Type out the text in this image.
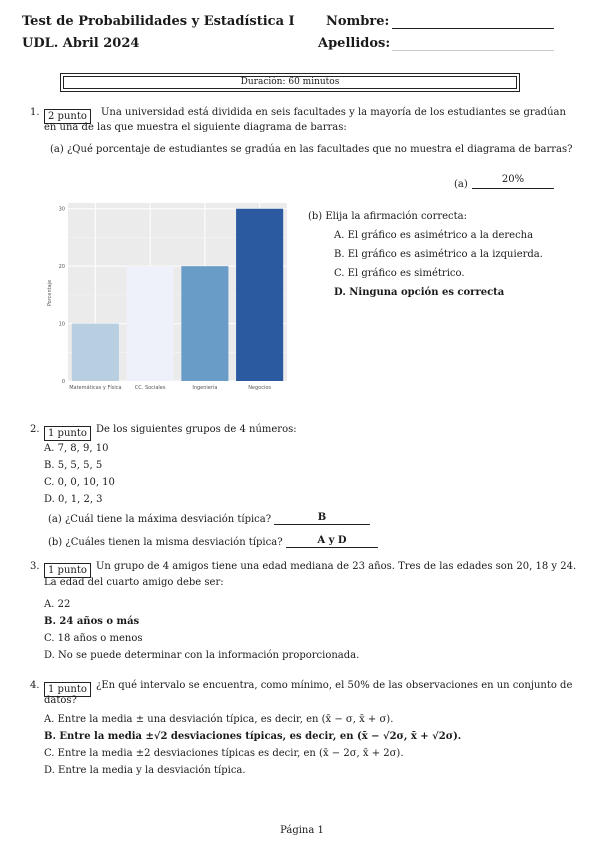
Test de Probabilidades y Estadística I
UDL. Abril 2024
Nombre:
Apellidos:
Duración: 60 minutos
1. 2 punto	Una universidad está dividida en seis facultades y la mayoría de los estudiantes se gradúan
en una de las que muestra el siguiente diagrama de barras:
(a) ¿Qué porcentaje de estudiantes se gradúa en las facultades que no muestra el diagrama de barras?
(a)	20%
0
10
20
30
Matemáticas y Física	CC. Sociales	Ingeniería	Negocios
Porcentaje
(b) Elija la afirmación correcta:
A. El gráfico es asimétrico a la derecha
B. El gráfico es asimétrico a la izquierda.
C. El gráfico es simétrico.
D. Ninguna opción es correcta
2. 1 punto De los siguientes grupos de 4 números:
A. 7, 8, 9, 10
B. 5, 5, 5, 5
C. 0, 0, 10, 10
D. 0, 1, 2, 3
(a) ¿Cuál tiene la máxima desviación típica?	B
(b) ¿Cuáles tienen la misma desviación típica?	A y D
3. 1 punto Un grupo de 4 amigos tiene una edad mediana de 23 años. Tres de las edades son 20, 18 y 24.
La edad del cuarto amigo debe ser:
A. 22
B. 24 años o más
C. 18 años o menos
D. No se puede determinar con la información proporcionada.
4. 1 punto ¿En qué intervalo se encuentra, como mínimo, el 50% de las observaciones en un conjunto de
datos?
A. Entre la media ± una desviación típica, es decir, en (x̄ − σ, x̄ + σ).
B. Entre la media ±√2 desviaciones típicas, es decir, en (x̄ − √2σ, x̄ + √2σ).
C. Entre la media ±2 desviaciones típicas es decir, en (x̄ − 2σ, x̄ + 2σ).
D. Entre la media y la desviación típica.
Página 1
